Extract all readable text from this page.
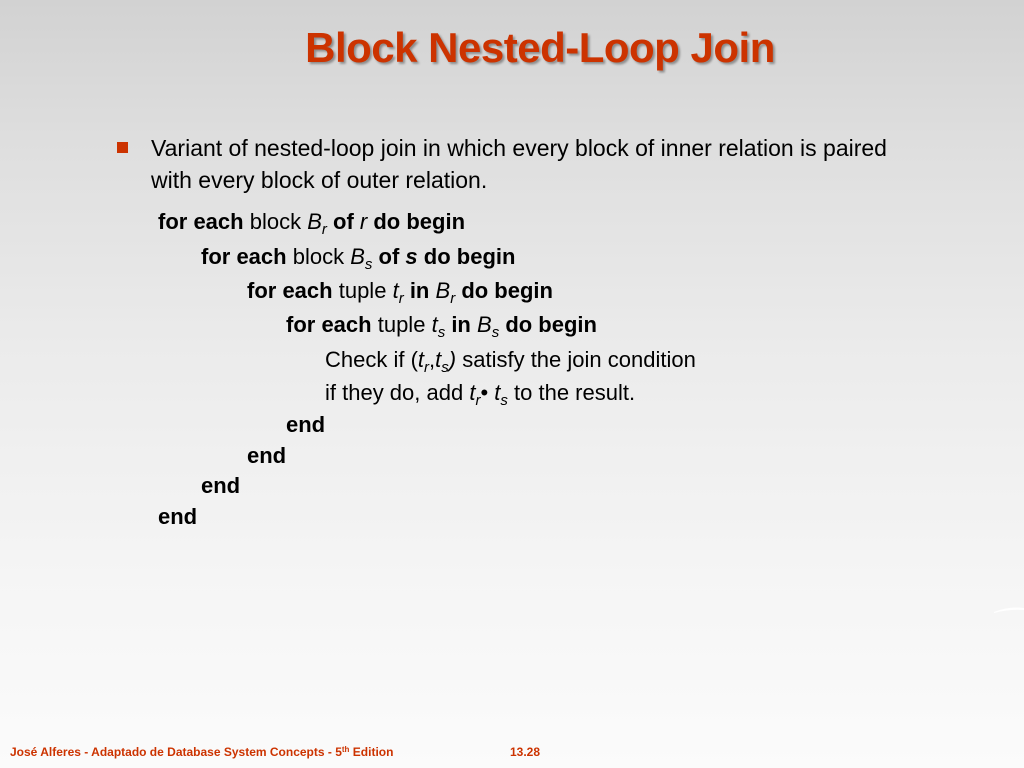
Block Nested-Loop Join
Variant of nested-loop join in which every block of inner relation is paired with every block of outer relation.
for each block $B_r$ of r do begin
for each block $B_s$ of s do begin
for each tuple $t_r$ in $B_r$ do begin
for each tuple $t_s$ in $B_s$ do begin
Check if $(t_r,t_s)$ satisfy the join condition
if they do, add $t_r•$ $t_s$ to the result.
end
end
end
end
José Alferes - Adaptado de Database System Concepts - 5th Edition	13.28
